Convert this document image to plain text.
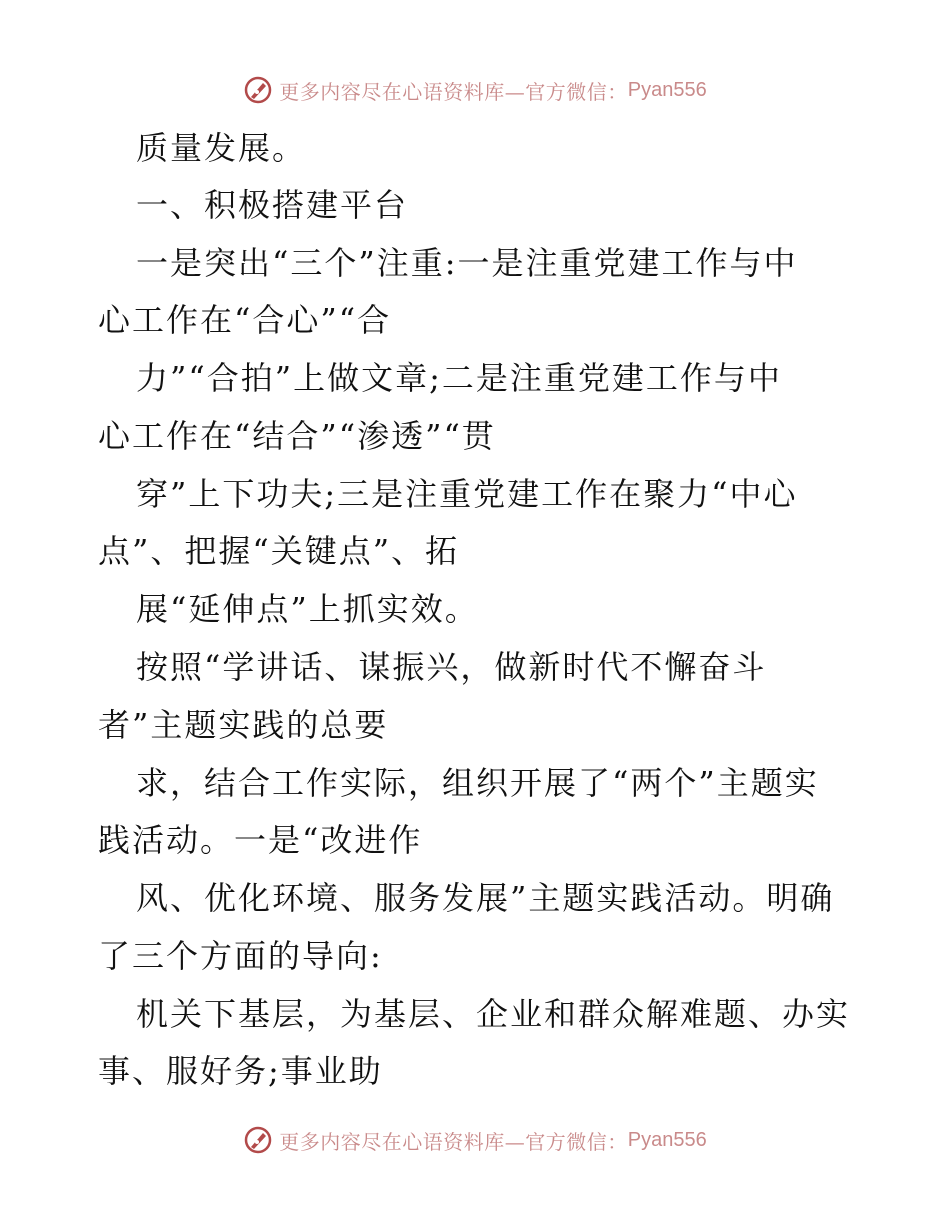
更多内容尽在心语资料库—官方微信： Pyan556
质量发展。
一、积极搭建平台
一是突出“三个”注重:一是注重党建工作与中
心工作在“合心”“合
力”“合拍”上做文章;二是注重党建工作与中
心工作在“结合”“渗透”“贯
穿”上下功夫;三是注重党建工作在聚力“中心
点”、把握“关键点”、拓
展“延伸点”上抓实效。
按照“学讲话、谋振兴，做新时代不懈奋斗
者”主题实践的总要
求，结合工作实际，组织开展了“两个”主题实
践活动。一是“改进作
风、优化环境、服务发展”主题实践活动。明确
了三个方面的导向:
机关下基层，为基层、企业和群众解难题、办实
事、服好务;事业助
更多内容尽在心语资料库—官方微信： Pyan556
